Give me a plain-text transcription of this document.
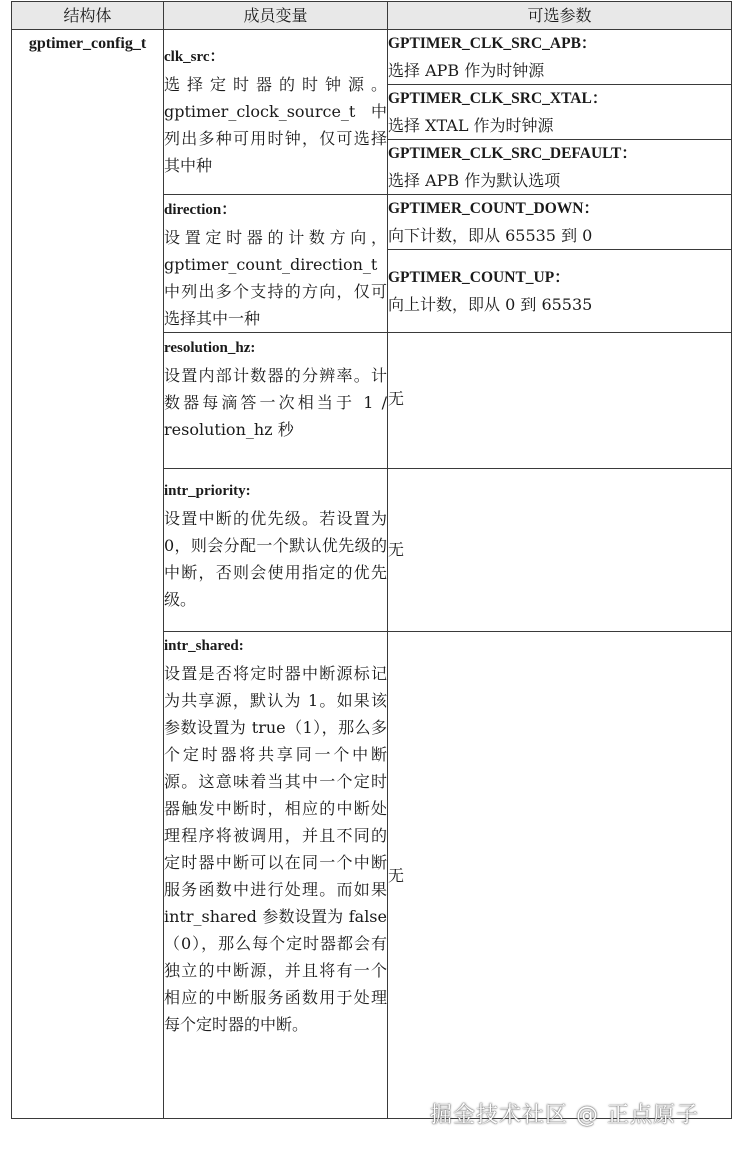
结构体	成员变量	可选参数
gptimer_config_t	clk_src：
选择定时器的时钟源。gptimer_clock_source_t 中列出多种可用时钟，仅可选择其中种	GPTIMER_CLK_SRC_APB：
选择 APB 作为时钟源

		GPTIMER_CLK_SRC_XTAL：
选择 XTAL 作为时钟源

		GPTIMER_CLK_SRC_DEFAULT：
选择 APB 作为默认选项

	direction：
设置定时器的计数方向，gptimer_count_direction_t 中列出多个支持的方向，仅可选择其中一种	GPTIMER_COUNT_DOWN：
向下计数，即从 65535 到 0

		GPTIMER_COUNT_UP：
向上计数，即从 0 到 65535

	resolution_hz:
设置内部计数器的分辨率。计数器每滴答一次相当于 1 / resolution_hz 秒	无

	intr_priority:
设置中断的优先级。若设置为 0，则会分配一个默认优先级的中断，否则会使用指定的优先级。	无

	intr_shared:
设置是否将定时器中断源标记为共享源，默认为 1。如果该参数设置为 true（1），那么多个定时器将共享同一个中断源。这意味着当其中一个定时器触发中断时，相应的中断处理程序将被调用，并且不同的定时器中断可以在同一个中断服务函数中进行处理。而如果 intr_shared 参数设置为 false（0），那么每个定时器都会有独立的中断源，并且将有一个相应的中断服务函数用于处理每个定时器的中断。	无
掘金技术社区 @ 正点原子
